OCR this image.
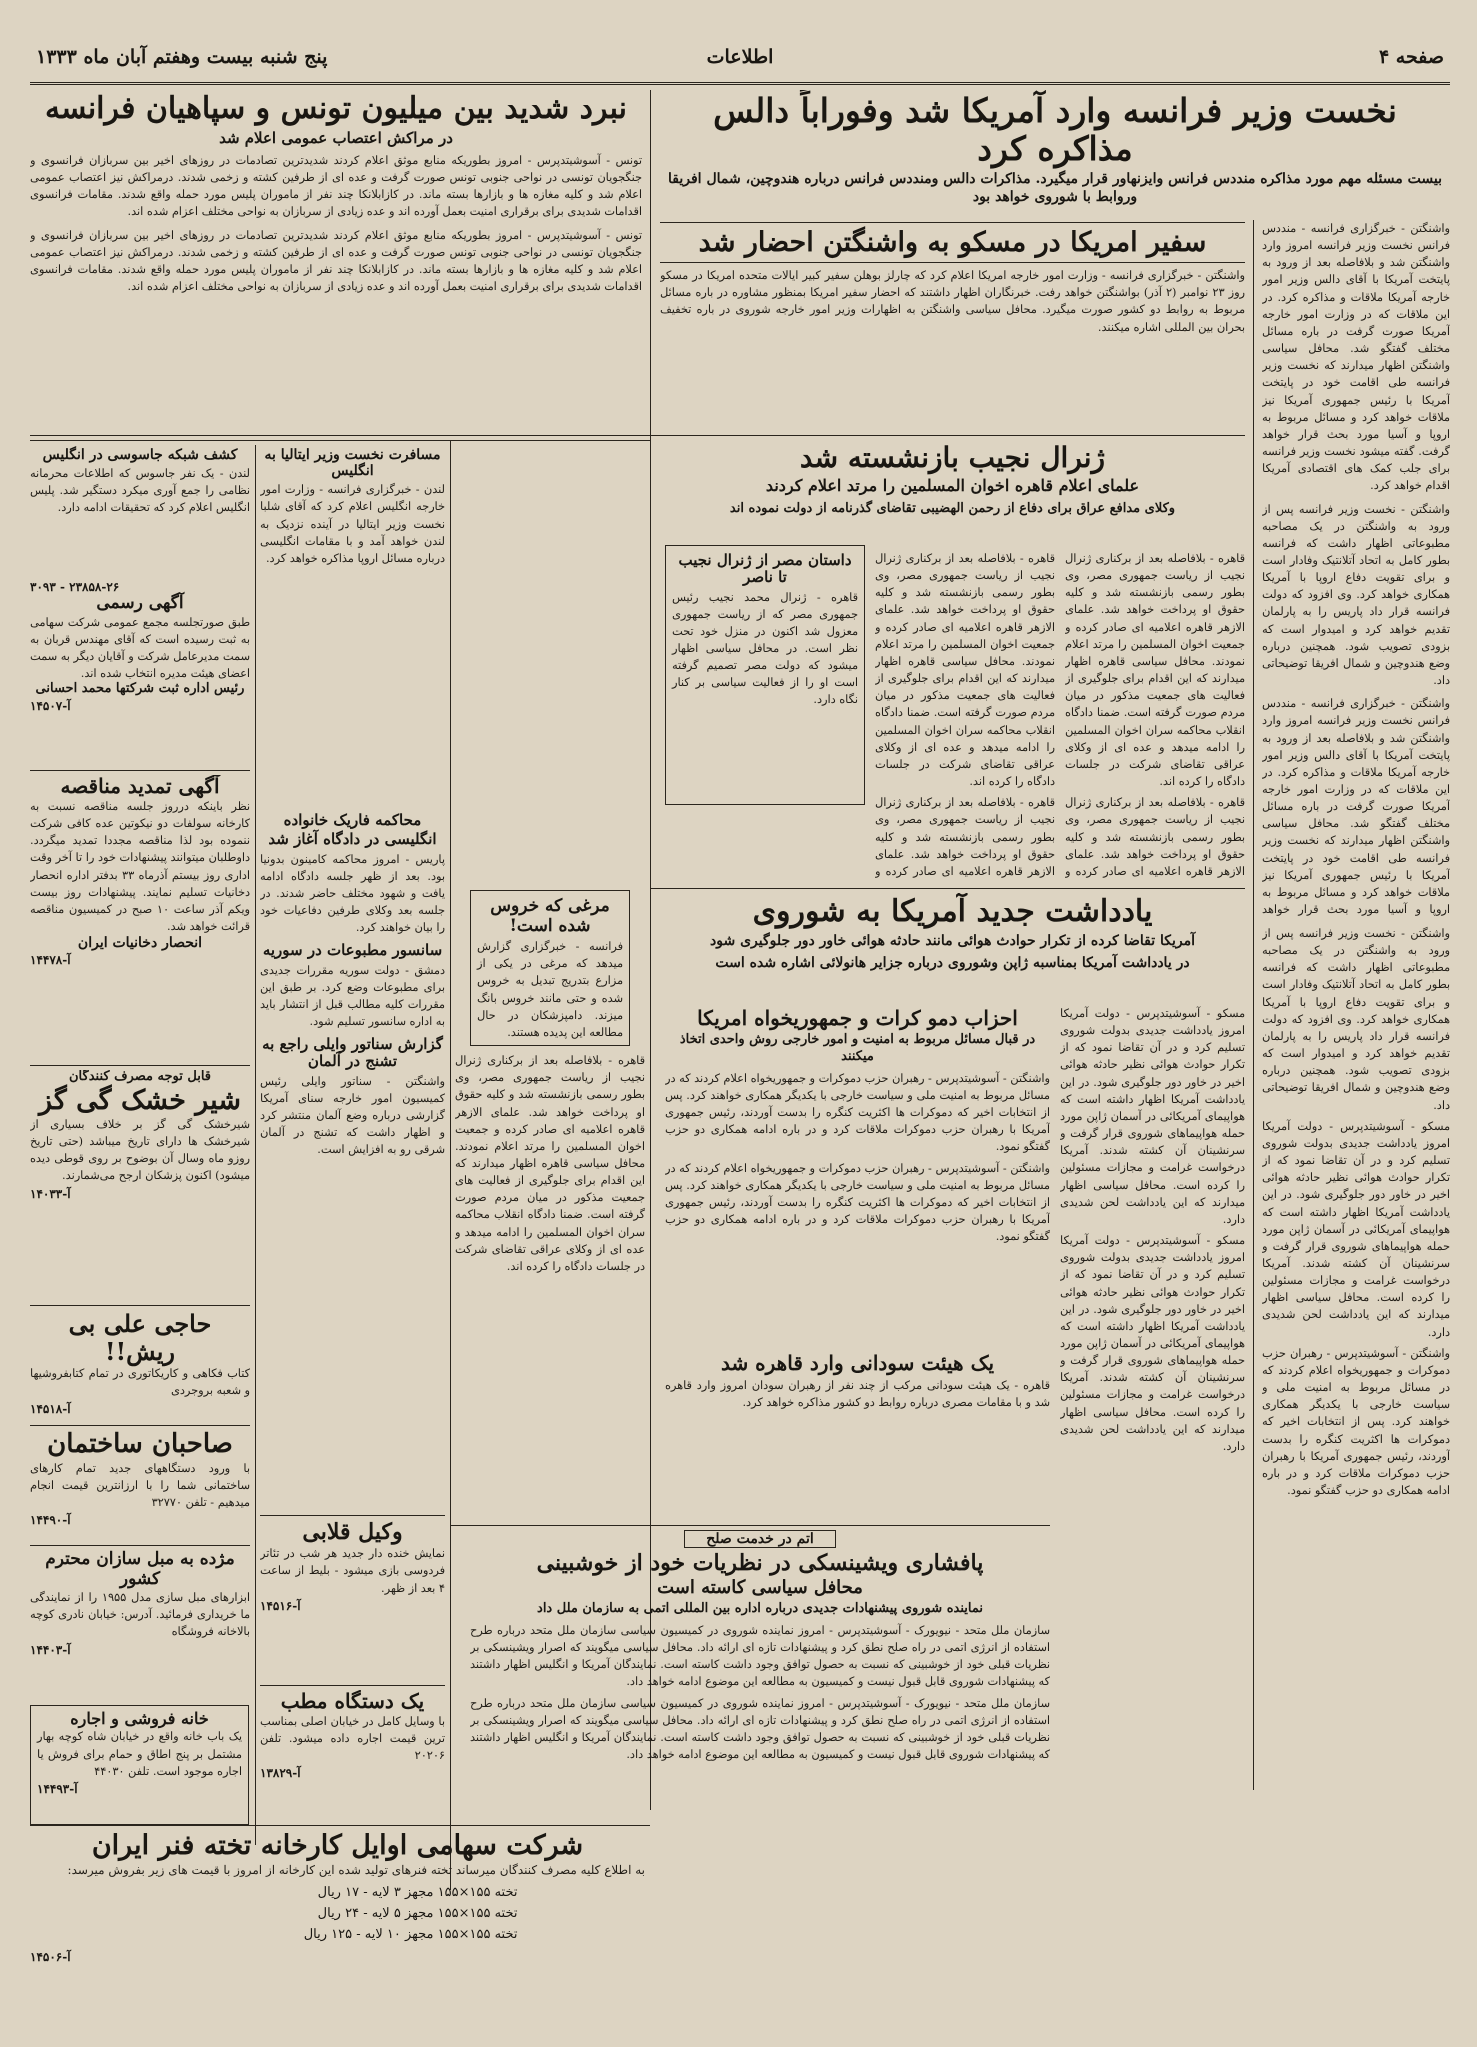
صفحه ۴
اطلاعات
پنج شنبه بیست وهفتم آبان ماه ۱۳۳۳
نخست وزیر فرانسه وارد آمریکا شد وفوراباً دالس مذاکره کرد
بیست مسئله مهم مورد مذاکره منددس فرانس وایزنهاور قرار میگیرد. مذاکرات دالس ومنددس فرانس درباره هندوچین، شمال افریقا وروابط با شوروی خواهد بود
نبرد شدید بین میلیون تونس و سپاهیان فرانسه
در مراکش اعتصاب عمومی اعلام شد

تونس - آسوشیتدپرس - امروز بطوریکه منابع موثق اعلام کردند شدیدترین تصادمات در روزهای اخیر بین سربازان فرانسوی و جنگجویان تونسی در نواحی جنوبی تونس صورت گرفت و عده ای از طرفین کشته و زخمی شدند. درمراکش نیز اعتصاب عمومی اعلام شد و کلیه مغازه ها و بازارها بسته ماند. در کازابلانکا چند نفر از ماموران پلیس مورد حمله واقع شدند. مقامات فرانسوی اقدامات شدیدی برای برقراری امنیت بعمل آورده اند و عده زیادی از سربازان به نواحی مختلف اعزام شده اند.

تونس - آسوشیتدپرس - امروز بطوریکه منابع موثق اعلام کردند شدیدترین تصادمات در روزهای اخیر بین سربازان فرانسوی و جنگجویان تونسی در نواحی جنوبی تونس صورت گرفت و عده ای از طرفین کشته و زخمی شدند. درمراکش نیز اعتصاب عمومی اعلام شد و کلیه مغازه ها و بازارها بسته ماند. در کازابلانکا چند نفر از ماموران پلیس مورد حمله واقع شدند. مقامات فرانسوی اقدامات شدیدی برای برقراری امنیت بعمل آورده اند و عده زیادی از سربازان به نواحی مختلف اعزام شده اند.

واشنگتن - خبرگزاری فرانسه - منددس فرانس نخست وزیر فرانسه امروز وارد واشنگتن شد و بلافاصله بعد از ورود به پایتخت آمریکا با آقای دالس وزیر امور خارجه آمریکا ملاقات و مذاکره کرد. در این ملاقات که در وزارت امور خارجه آمریکا صورت گرفت در باره مسائل مختلف گفتگو شد. محافل سیاسی واشنگتن اظهار میدارند که نخست وزیر فرانسه طی اقامت خود در پایتخت آمریکا با رئیس جمهوری آمریکا نیز ملاقات خواهد کرد و مسائل مربوط به اروپا و آسیا مورد بحث قرار خواهد گرفت. گفته میشود نخست وزیر فرانسه برای جلب کمک های اقتصادی آمریکا اقدام خواهد کرد.

واشنگتن - نخست وزیر فرانسه پس از ورود به واشنگتن در یک مصاحبه مطبوعاتی اظهار داشت که فرانسه بطور کامل به اتحاد آتلانتیک وفادار است و برای تقویت دفاع اروپا با آمریکا همکاری خواهد کرد. وی افزود که دولت فرانسه قرار داد پاریس را به پارلمان تقدیم خواهد کرد و امیدوار است که بزودی تصویب شود. همچنین درباره وضع هندوچین و شمال افریقا توضیحاتی داد.

واشنگتن - خبرگزاری فرانسه - منددس فرانس نخست وزیر فرانسه امروز وارد واشنگتن شد و بلافاصله بعد از ورود به پایتخت آمریکا با آقای دالس وزیر امور خارجه آمریکا ملاقات و مذاکره کرد. در این ملاقات که در وزارت امور خارجه آمریکا صورت گرفت در باره مسائل مختلف گفتگو شد. محافل سیاسی واشنگتن اظهار میدارند که نخست وزیر فرانسه طی اقامت خود در پایتخت آمریکا با رئیس جمهوری آمریکا نیز ملاقات خواهد کرد و مسائل مربوط به اروپا و آسیا مورد بحث قرار خواهد

سفیر امریکا در مسکو به واشنگتن احضار شد

واشنگتن - خبرگزاری فرانسه - وزارت امور خارجه امریکا اعلام کرد که چارلز بوهلن سفیر کبیر ایالات متحده امریکا در مسکو روز ۲۳ نوامبر (۲ آذر) بواشنگتن خواهد رفت. خبرنگاران اظهار داشتند که احضار سفیر امریکا بمنظور مشاوره در باره مسائل مربوط به روابط دو کشور صورت میگیرد. محافل سیاسی واشنگتن به اظهارات وزیر امور خارجه شوروی در باره تخفیف بحران بین المللی اشاره میکنند.

ژنرال نجیب بازنشسته شد
علمای اعلام قاهره اخوان المسلمین را مرتد اعلام کردند
وکلای مدافع عراق برای دفاع از رحمن الهضیبی تقاضای گذرنامه از دولت نموده اند

قاهره - بلافاصله بعد از برکناری ژنرال نجیب از ریاست جمهوری مصر، وی بطور رسمی بازنشسته شد و کلیه حقوق او پرداخت خواهد شد. علمای الازهر قاهره اعلامیه ای صادر کرده و جمعیت اخوان المسلمین را مرتد اعلام نمودند. محافل سیاسی قاهره اظهار میدارند که این اقدام برای جلوگیری از فعالیت های جمعیت مذکور در میان مردم صورت گرفته است. ضمنا دادگاه انقلاب محاکمه سران اخوان المسلمین را ادامه میدهد و عده ای از وکلای عراقی تقاضای شرکت در جلسات دادگاه را کرده اند.

قاهره - بلافاصله بعد از برکناری ژنرال نجیب از ریاست جمهوری مصر، وی بطور رسمی بازنشسته شد و کلیه حقوق او پرداخت خواهد شد. علمای الازهر قاهره اعلامیه ای صادر کرده و

قاهره - بلافاصله بعد از برکناری ژنرال نجیب از ریاست جمهوری مصر، وی بطور رسمی بازنشسته شد و کلیه حقوق او پرداخت خواهد شد. علمای الازهر قاهره اعلامیه ای صادر کرده و جمعیت اخوان المسلمین را مرتد اعلام نمودند. محافل سیاسی قاهره اظهار میدارند که این اقدام برای جلوگیری از فعالیت های جمعیت مذکور در میان مردم صورت گرفته است. ضمنا دادگاه انقلاب محاکمه سران اخوان المسلمین را ادامه میدهد و عده ای از وکلای عراقی تقاضای شرکت در جلسات دادگاه را کرده اند.

قاهره - بلافاصله بعد از برکناری ژنرال نجیب از ریاست جمهوری مصر، وی بطور رسمی بازنشسته شد و کلیه حقوق او پرداخت خواهد شد. علمای الازهر قاهره اعلامیه ای صادر کرده و

داستان مصر از ژنرال نجیب تا ناصر

قاهره - ژنرال محمد نجیب رئیس جمهوری مصر که از ریاست جمهوری معزول شد اکنون در منزل خود تحت نظر است. در محافل سیاسی اظهار میشود که دولت مصر تصمیم گرفته است او را از فعالیت سیاسی بر کنار نگاه دارد.

یادداشت جدید آمریکا به شوروی
آمریکا تقاضا کرده از تکرار حوادث هوائی مانند حادثه هوائی خاور دور جلوگیری شود
در یادداشت آمریکا بمناسبه ژاپن وشوروی درباره جزایر هانولائی اشاره شده است

مسکو - آسوشیتدپرس - دولت آمریکا امروز یادداشت جدیدی بدولت شوروی تسلیم کرد و در آن تقاضا نمود که از تکرار حوادث هوائی نظیر حادثه هوائی اخیر در خاور دور جلوگیری شود. در این یادداشت آمریکا اظهار داشته است که هواپیمای آمریکائی در آسمان ژاپن مورد حمله هواپیماهای شوروی قرار گرفت و سرنشینان آن کشته شدند. آمریکا درخواست غرامت و مجازات مسئولین را کرده است. محافل سیاسی اظهار میدارند که این یادداشت لحن شدیدی دارد.

مسکو - آسوشیتدپرس - دولت آمریکا امروز یادداشت جدیدی بدولت شوروی تسلیم کرد و در آن تقاضا نمود که از تکرار حوادث هوائی نظیر حادثه هوائی اخیر در خاور دور جلوگیری شود. در این یادداشت آمریکا اظهار داشته است که هواپیمای آمریکائی در آسمان ژاپن مورد حمله هواپیماهای شوروی قرار گرفت و سرنشینان آن کشته شدند. آمریکا درخواست غرامت و مجازات مسئولین را کرده است. محافل سیاسی اظهار میدارند که این یادداشت لحن شدیدی دارد.

احزاب دمو کرات و جمهوریخواه امریکا
در قبال مسائل مربوط به امنیت و امور خارجی روش واحدی اتخاذ میکنند

واشنگتن - آسوشیتدپرس - رهبران حزب دموکرات و جمهوریخواه اعلام کردند که در مسائل مربوط به امنیت ملی و سیاست خارجی با یکدیگر همکاری خواهند کرد. پس از انتخابات اخیر که دموکرات ها اکثریت کنگره را بدست آوردند، رئیس جمهوری آمریکا با رهبران حزب دموکرات ملاقات کرد و در باره ادامه همکاری دو حزب گفتگو نمود.

واشنگتن - آسوشیتدپرس - رهبران حزب دموکرات و جمهوریخواه اعلام کردند که در مسائل مربوط به امنیت ملی و سیاست خارجی با یکدیگر همکاری خواهند کرد. پس از انتخابات اخیر که دموکرات ها اکثریت کنگره را بدست آوردند، رئیس جمهوری آمریکا با رهبران حزب دموکرات ملاقات کرد و در باره ادامه همکاری دو حزب گفتگو نمود.

یک هیئت سودانی وارد قاهره شد

قاهره - یک هیئت سودانی مرکب از چند نفر از رهبران سودان امروز وارد قاهره شد و با مقامات مصری درباره روابط دو کشور مذاکره خواهد کرد.

اتم در خدمت صلح
پافشاری ویشینسکی در نظریات خود از خوشبینی
محافل سیاسی کاسته است
نماینده شوروی پیشنهادات جدیدی درباره اداره بین المللی اتمی به سازمان ملل داد

سازمان ملل متحد - نیویورک - آسوشیتدپرس - امروز نماینده شوروی در کمیسیون سیاسی سازمان ملل متحد درباره طرح استفاده از انرژی اتمی در راه صلح نطق کرد و پیشنهادات تازه ای ارائه داد. محافل سیاسی میگویند که اصرار ویشینسکی بر نظریات قبلی خود از خوشبینی که نسبت به حصول توافق وجود داشت کاسته است. نمایندگان آمریکا و انگلیس اظهار داشتند که پیشنهادات شوروی قابل قبول نیست و کمیسیون به مطالعه این موضوع ادامه خواهد داد.

سازمان ملل متحد - نیویورک - آسوشیتدپرس - امروز نماینده شوروی در کمیسیون سیاسی سازمان ملل متحد درباره طرح استفاده از انرژی اتمی در راه صلح نطق کرد و پیشنهادات تازه ای ارائه داد. محافل سیاسی میگویند که اصرار ویشینسکی بر نظریات قبلی خود از خوشبینی که نسبت به حصول توافق وجود داشت کاسته است. نمایندگان آمریکا و انگلیس اظهار داشتند که پیشنهادات شوروی قابل قبول نیست و کمیسیون به مطالعه این موضوع ادامه خواهد داد.

مرغی که خروس شده است!

فرانسه - خبرگزاری گزارش میدهد که مرغی در یکی از مزارع بتدریج تبدیل به خروس شده و حتی مانند خروس بانگ میزند. دامپزشکان در حال مطالعه این پدیده هستند.

قاهره - بلافاصله بعد از برکناری ژنرال نجیب از ریاست جمهوری مصر، وی بطور رسمی بازنشسته شد و کلیه حقوق او پرداخت خواهد شد. علمای الازهر قاهره اعلامیه ای صادر کرده و جمعیت اخوان المسلمین را مرتد اعلام نمودند. محافل سیاسی قاهره اظهار میدارند که این اقدام برای جلوگیری از فعالیت های جمعیت مذکور در میان مردم صورت گرفته است. ضمنا دادگاه انقلاب محاکمه سران اخوان المسلمین را ادامه میدهد و عده ای از وکلای عراقی تقاضای شرکت در جلسات دادگاه را کرده اند.

محاکمه فاریک خانواده
انگلیسی در دادگاه آغاز شد

پاریس - امروز محاکمه کامینون بدونیا بود. بعد از ظهر جلسه دادگاه ادامه یافت و شهود مختلف حاضر شدند. در جلسه بعد وکلای طرفین دفاعیات خود را بیان خواهند کرد.

سانسور مطبوعات در سوریه

دمشق - دولت سوریه مقررات جدیدی برای مطبوعات وضع کرد. بر طبق این مقررات کلیه مطالب قبل از انتشار باید به اداره سانسور تسلیم شود.

گزارش سناتور وایلی راجع به تشنج در آلمان

واشنگتن - سناتور وایلی رئیس کمیسیون امور خارجه سنای آمریکا گزارشی درباره وضع آلمان منتشر کرد و اظهار داشت که تشنج در آلمان شرقی رو به افزایش است.

مسافرت نخست وزیر ایتالیا به انگلیس

لندن - خبرگزاری فرانسه - وزارت امور خارجه انگلیس اعلام کرد که آقای شلبا نخست وزیر ایتالیا در آینده نزدیک به لندن خواهد آمد و با مقامات انگلیسی درباره مسائل اروپا مذاکره خواهد کرد.

کشف شبکه جاسوسی در انگلیس

لندن - یک نفر جاسوس که اطلاعات محرمانه نظامی را جمع آوری میکرد دستگیر شد. پلیس انگلیس اعلام کرد که تحقیقات ادامه دارد.

۲۳۸۵۸-۲۶ - ۳۰۹۳
آگهی رسمی

طبق صورتجلسه مجمع عمومی شرکت سهامی به ثبت رسیده است که آقای مهندس قربان به سمت مدیرعامل شرکت و آقایان دیگر به سمت اعضای هیئت مدیره انتخاب شده اند.

رئیس اداره ثبت شرکتها محمد احسانی
آ-۱۴۵۰۷
آگهی تمدید مناقصه

نظر باینکه درروز جلسه مناقصه نسبت به کارخانه سولفات دو نیکوتین عده کافی شرکت ننموده بود لذا مناقصه مجددا تمدید میگردد. داوطلبان میتوانند پیشنهادات خود را تا آخر وقت اداری روز بیستم آذرماه ۳۳ بدفتر اداره انحصار دخانیات تسلیم نمایند. پیشنهادات روز بیست ویکم آذر ساعت ۱۰ صبح در کمیسیون مناقصه قرائت خواهد شد.

انحصار دخانیات ایران
آ-۱۴۴۷۸
قابل توجه مصرف کنندگان
شیر خشک گی گز

شیرخشک گی گز بر خلاف بسیاری از شیرخشک ها دارای تاریخ میباشد (حتی تاریخ روزو ماه وسال آن بوضوح بر روی قوطی دیده میشود) اکنون پزشکان ارجح می‌شمارند.

آ-۱۴۰۳۳
حاجی علی بی ریش!!

کتاب فکاهی و کاریکاتوری در تمام کتابفروشیها و شعبه بروجردی

آ-۱۴۵۱۸
صاحبان ساختمان

با ورود دستگاههای جدید تمام کارهای ساختمانی شما را با ارزانترین قیمت انجام میدهیم - تلفن ۳۲۷۷۰

آ-۱۴۴۹۰
مژده به مبل سازان محترم کشور

ابزارهای مبل سازی مدل ۱۹۵۵ را از نمایندگی ما خریداری فرمائید. آدرس: خیابان نادری کوچه بالاخانه فروشگاه

آ-۱۴۴۰۳
خانه فروشی و اجاره

یک باب خانه واقع در خیابان شاه کوچه بهار مشتمل بر پنج اطاق و حمام برای فروش یا اجاره موجود است. تلفن ۴۴۰۳۰

آ-۱۴۴۹۳
وکیل قلابی

نمایش خنده دار جدید هر شب در تئاتر فردوسی بازی میشود - بلیط از ساعت ۴ بعد از ظهر.

آ-۱۴۵۱۶
یک دستگاه مطب

با وسایل کامل در خیابان اصلی بمناسب ترین قیمت اجاره داده میشود. تلفن ۲۰۲۰۶

آ-۱۳۸۲۹
شرکت سهامی اوایل کارخانه تخته فنر ایران

به اطلاع کلیه مصرف کنندگان میرساند تخته فنرهای تولید شده این کارخانه از امروز با قیمت های زیر بفروش میرسد:

تخته ۱۵۵×۱۵۵ مجهز ۳ لایه - ۱۷ ریال
تخته ۱۵۵×۱۵۵ مجهز ۵ لایه - ۲۴ ریال
تخته ۱۵۵×۱۵۵ مجهز ۱۰ لایه - ۱۲۵ ریال
آ-۱۴۵۰۶

واشنگتن - نخست وزیر فرانسه پس از ورود به واشنگتن در یک مصاحبه مطبوعاتی اظهار داشت که فرانسه بطور کامل به اتحاد آتلانتیک وفادار است و برای تقویت دفاع اروپا با آمریکا همکاری خواهد کرد. وی افزود که دولت فرانسه قرار داد پاریس را به پارلمان تقدیم خواهد کرد و امیدوار است که بزودی تصویب شود. همچنین درباره وضع هندوچین و شمال افریقا توضیحاتی داد.

مسکو - آسوشیتدپرس - دولت آمریکا امروز یادداشت جدیدی بدولت شوروی تسلیم کرد و در آن تقاضا نمود که از تکرار حوادث هوائی نظیر حادثه هوائی اخیر در خاور دور جلوگیری شود. در این یادداشت آمریکا اظهار داشته است که هواپیمای آمریکائی در آسمان ژاپن مورد حمله هواپیماهای شوروی قرار گرفت و سرنشینان آن کشته شدند. آمریکا درخواست غرامت و مجازات مسئولین را کرده است. محافل سیاسی اظهار میدارند که این یادداشت لحن شدیدی دارد.

واشنگتن - آسوشیتدپرس - رهبران حزب دموکرات و جمهوریخواه اعلام کردند که در مسائل مربوط به امنیت ملی و سیاست خارجی با یکدیگر همکاری خواهند کرد. پس از انتخابات اخیر که دموکرات ها اکثریت کنگره را بدست آوردند، رئیس جمهوری آمریکا با رهبران حزب دموکرات ملاقات کرد و در باره ادامه همکاری دو حزب گفتگو نمود.
